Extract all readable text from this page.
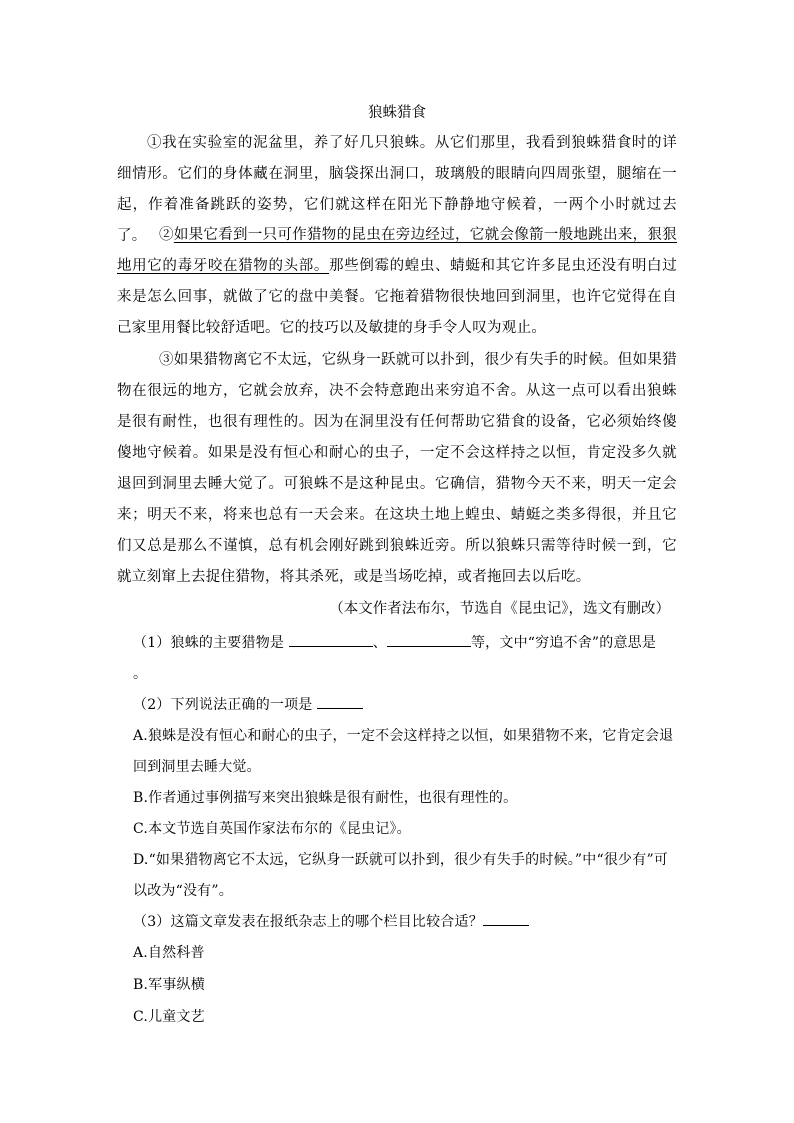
狼蛛猎食
①我在实验室的泥盆里，养了好几只狼蛛。从它们那里，我看到狼蛛猎食时的详细情形。它们的身体藏在洞里，脑袋探出洞口，玻璃般的眼睛向四周张望，腿缩在一起，作着准备跳跃的姿势，它们就这样在阳光下静静地守候着，一两个小时就过去了。 ②如果它看到一只可作猎物的昆虫在旁边经过，它就会像箭一般地跳出来，狠狠地用它的毒牙咬在猎物的头部。那些倒霉的蝗虫、蜻蜓和其它许多昆虫还没有明白过来是怎么回事，就做了它的盘中美餐。它拖着猎物很快地回到洞里，也许它觉得在自己家里用餐比较舒适吧。它的技巧以及敏捷的身手令人叹为观止。
③如果猎物离它不太远，它纵身一跃就可以扑到，很少有失手的时候。但如果猎物在很远的地方，它就会放弃，决不会特意跑出来穷追不舍。从这一点可以看出狼蛛是很有耐性，也很有理性的。因为在洞里没有任何帮助它猎食的设备，它必须始终傻傻地守候着。如果是没有恒心和耐心的虫子，一定不会这样持之以恒，肯定没多久就退回到洞里去睡大觉了。可狼蛛不是这种昆虫。它确信，猎物今天不来，明天一定会来；明天不来，将来也总有一天会来。在这块土地上蝗虫、蜻蜓之类多得很，并且它们又总是那么不谨慎，总有机会刚好跳到狼蛛近旁。所以狼蛛只需等待时候一到，它就立刻窜上去捉住猎物，将其杀死，或是当场吃掉，或者拖回去以后吃。
（本文作者法布尔，节选自《昆虫记》，选文有删改）
（1）狼蛛的主要猎物是	、	等，文中“穷追不舍”的意思是
。
（2）下列说法正确的一项是
A.狼蛛是没有恒心和耐心的虫子，一定不会这样持之以恒，如果猎物不来，它肯定会退回到洞里去睡大觉。
B.作者通过事例描写来突出狼蛛是很有耐性，也很有理性的。
C.本文节选自英国作家法布尔的《昆虫记》。
D.“如果猎物离它不太远，它纵身一跃就可以扑到，很少有失手的时候。”中“很少有”可以改为“没有”。
（3）这篇文章发表在报纸杂志上的哪个栏目比较合适？
A.自然科普
B.军事纵横
C.儿童文艺
